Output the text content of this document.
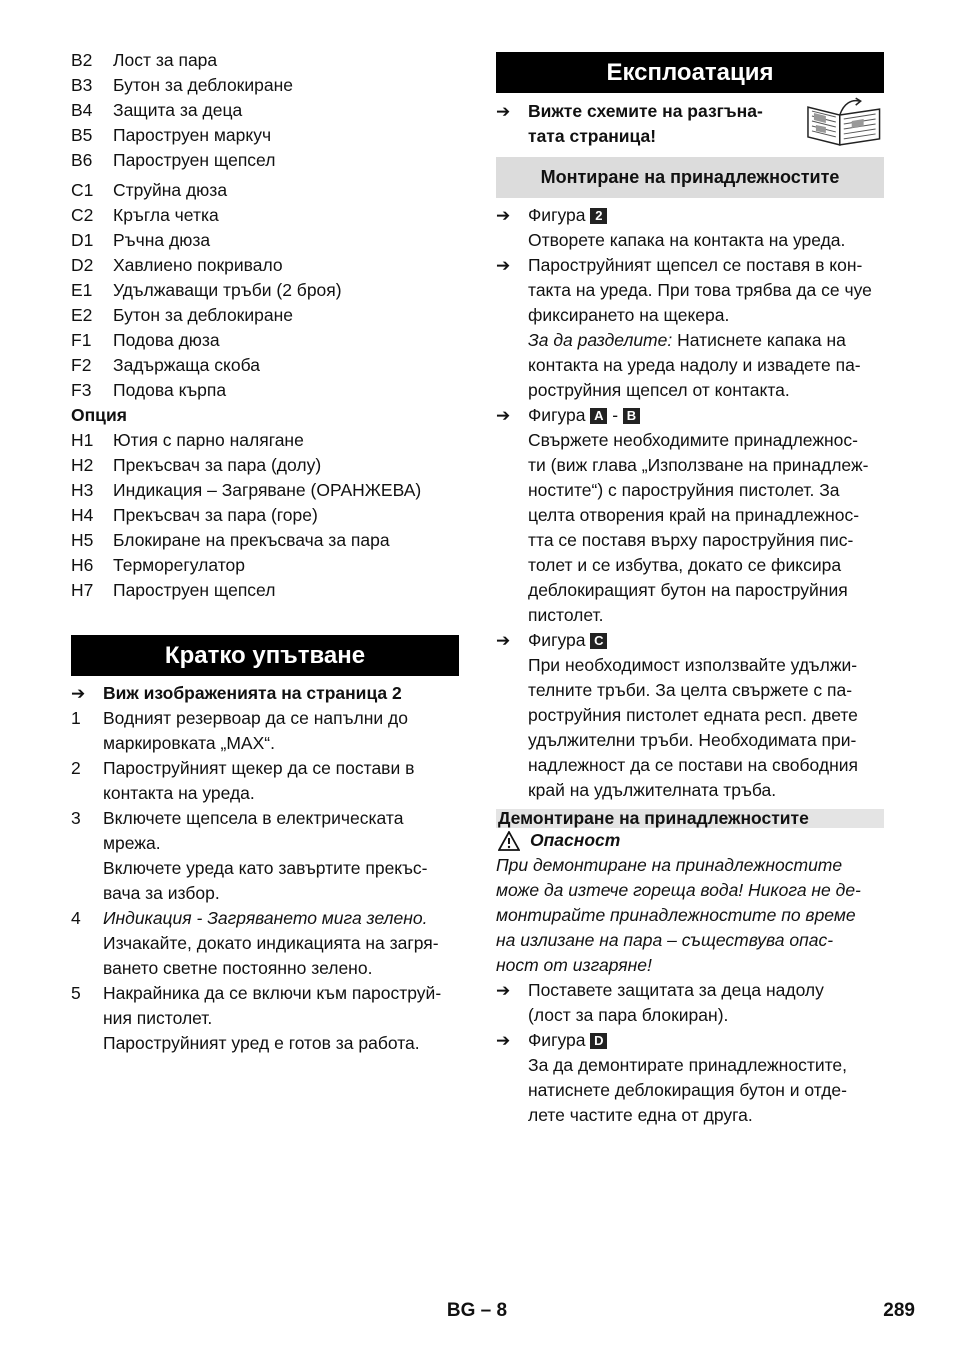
B2	Лост за пара
B3	Бутон за деблокиране
B4	Защита за деца
B5	Пароструен маркуч
B6	Пароструен щепсел
C1	Струйна дюза
C2	Кръгла четка
D1	Ръчна дюза
D2	Хавлиено покривало
E1	Удължаващи тръби (2 броя)
E2	Бутон за деблокиране
F1	Подова дюза
F2	Задържаща скоба
F3	Подова кърпа
Опция
H1	Ютия с парно налягане
H2	Прекъсвач за пара (долу)
H3	Индикация – Загряване (ОРАНЖЕВА)
H4	Прекъсвач за пара (горе)
H5	Блокиране на прекъсвача за пара
H6	Терморегулатор
H7	Пароструен щепсел
Кратко упътване
➔	Виж изображенията на страница 2
1	Водният резервоар да се напълни до
маркировката „MAX“.
2	Пароструйният щекер да се постави в
контакта на уреда.
3	Включете щепсела в електрическата
мрежа.
Включете уреда като завъртите прекъс-
вача за избор.
4	Индикация - Загряването мига зелено.
Изчакайте, докато индикацията на загря-
ването светне постоянно зелено.
5	Накрайника да се включи към пароструй-
ния пистолет.
Пароструйният уред е готов за работа.
Експлоатация
➔	Вижте схемите на разгъна-
тата страница!
Монтиране на принадлежностите
➔	Фигура 2
Отворете капака на контакта на уреда.
➔	Пароструйният щепсел се поставя в кон-
такта на уреда. При това трябва да се чуе
фиксирането на щекера.
За да разделите: Натиснете капака на
контакта на уреда надолу и извадете па-
роструйния щепсел от контакта.
➔	Фигура A - B
Свържете необходимите принадлежнос-
ти (виж глава „Използване на принадлеж-
ностите“) с пароструйния пистолет. За
целта отворения край на принадлежнос-
тта се поставя върху пароструйния пис-
толет и се избутва, докато се фиксира
деблокиращият бутон на пароструйния
пистолет.
➔	Фигура C
При необходимост използвайте удължи-
телните тръби. За целта свържете с па-
роструйния пистолет едната респ. двете
удължителни тръби. Необходимата при-
надлежност да се постави на свободния
край на удължителната тръба.
Демонтиране на принадлежностите
Опасност
При демонтиране на принадлежностите
може да изтече гореща вода! Никога не де-
монтирайте принадлежностите по време
на излизане на пара – съществува опас-
ност от изгаряне!
➔	Поставете защитата за деца надолу
(лост за пара блокиран).
➔	Фигура D
За да демонтирате принадлежностите,
натиснете деблокиращия бутон и отде-
лете частите една от друга.
BG – 8	289
